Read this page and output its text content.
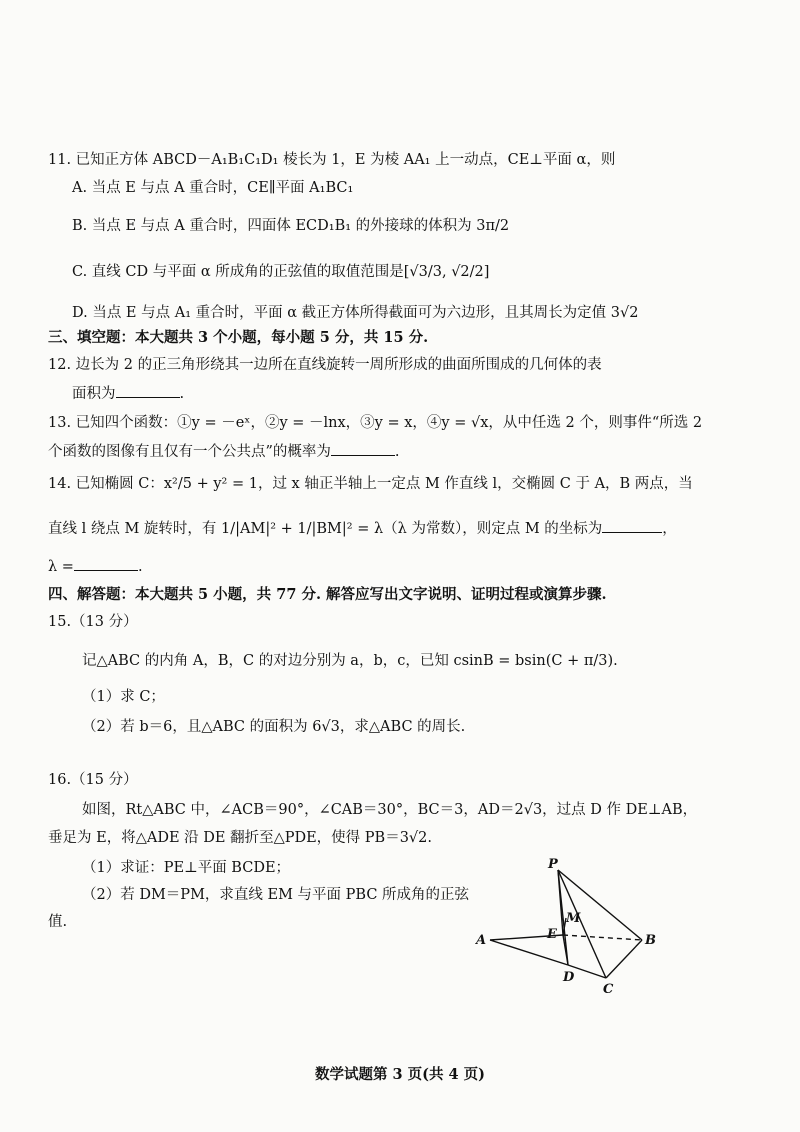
11. 已知正方体 ABCD－A₁B₁C₁D₁ 棱长为 1，E 为棱 AA₁ 上一动点，CE⊥平面 α，则
A. 当点 E 与点 A 重合时，CE∥平面 A₁BC₁
B. 当点 E 与点 A 重合时，四面体 ECD₁B₁ 的外接球的体积为 3π/2
C. 直线 CD 与平面 α 所成角的正弦值的取值范围是[√3/3, √2/2]
D. 当点 E 与点 A₁ 重合时，平面 α 截正方体所得截面可为六边形，且其周长为定值 3√2
三、填空题：本大题共 3 个小题，每小题 5 分，共 15 分.
12. 边长为 2 的正三角形绕其一边所在直线旋转一周所形成的曲面所围成的几何体的表
面积为	.
13. 已知四个函数：①y = －eˣ，②y = －lnx，③y = x，④y = √x，从中任选 2 个，则事件“所选 2
个函数的图像有且仅有一个公共点”的概率为	.
14. 已知椭圆 C：x²/5 + y² = 1，过 x 轴正半轴上一定点 M 作直线 l，交椭圆 C 于 A，B 两点，当
直线 l 绕点 M 旋转时，有 1/|AM|² + 1/|BM|² = λ（λ 为常数），则定点 M 的坐标为	，
λ =	.
四、解答题：本大题共 5 小题，共 77 分. 解答应写出文字说明、证明过程或演算步骤.
15.（13 分）
记△ABC 的内角 A，B，C 的对边分别为 a，b，c，已知 csinB = bsin(C + π/3).
（1）求 C；
（2）若 b＝6，且△ABC 的面积为 6√3，求△ABC 的周长.
16.（15 分）
如图，Rt△ABC 中，∠ACB＝90°，∠CAB＝30°，BC＝3，AD＝2√3，过点 D 作 DE⊥AB，
垂足为 E，将△ADE 沿 DE 翻折至△PDE，使得 PB＝3√2.
（1）求证：PE⊥平面 BCDE；
（2）若 DM＝PM，求直线 EM 与平面 PBC 所成角的正弦
值.
P
M
E
A	B
D
C
数学试题第 3 页(共 4 页)
